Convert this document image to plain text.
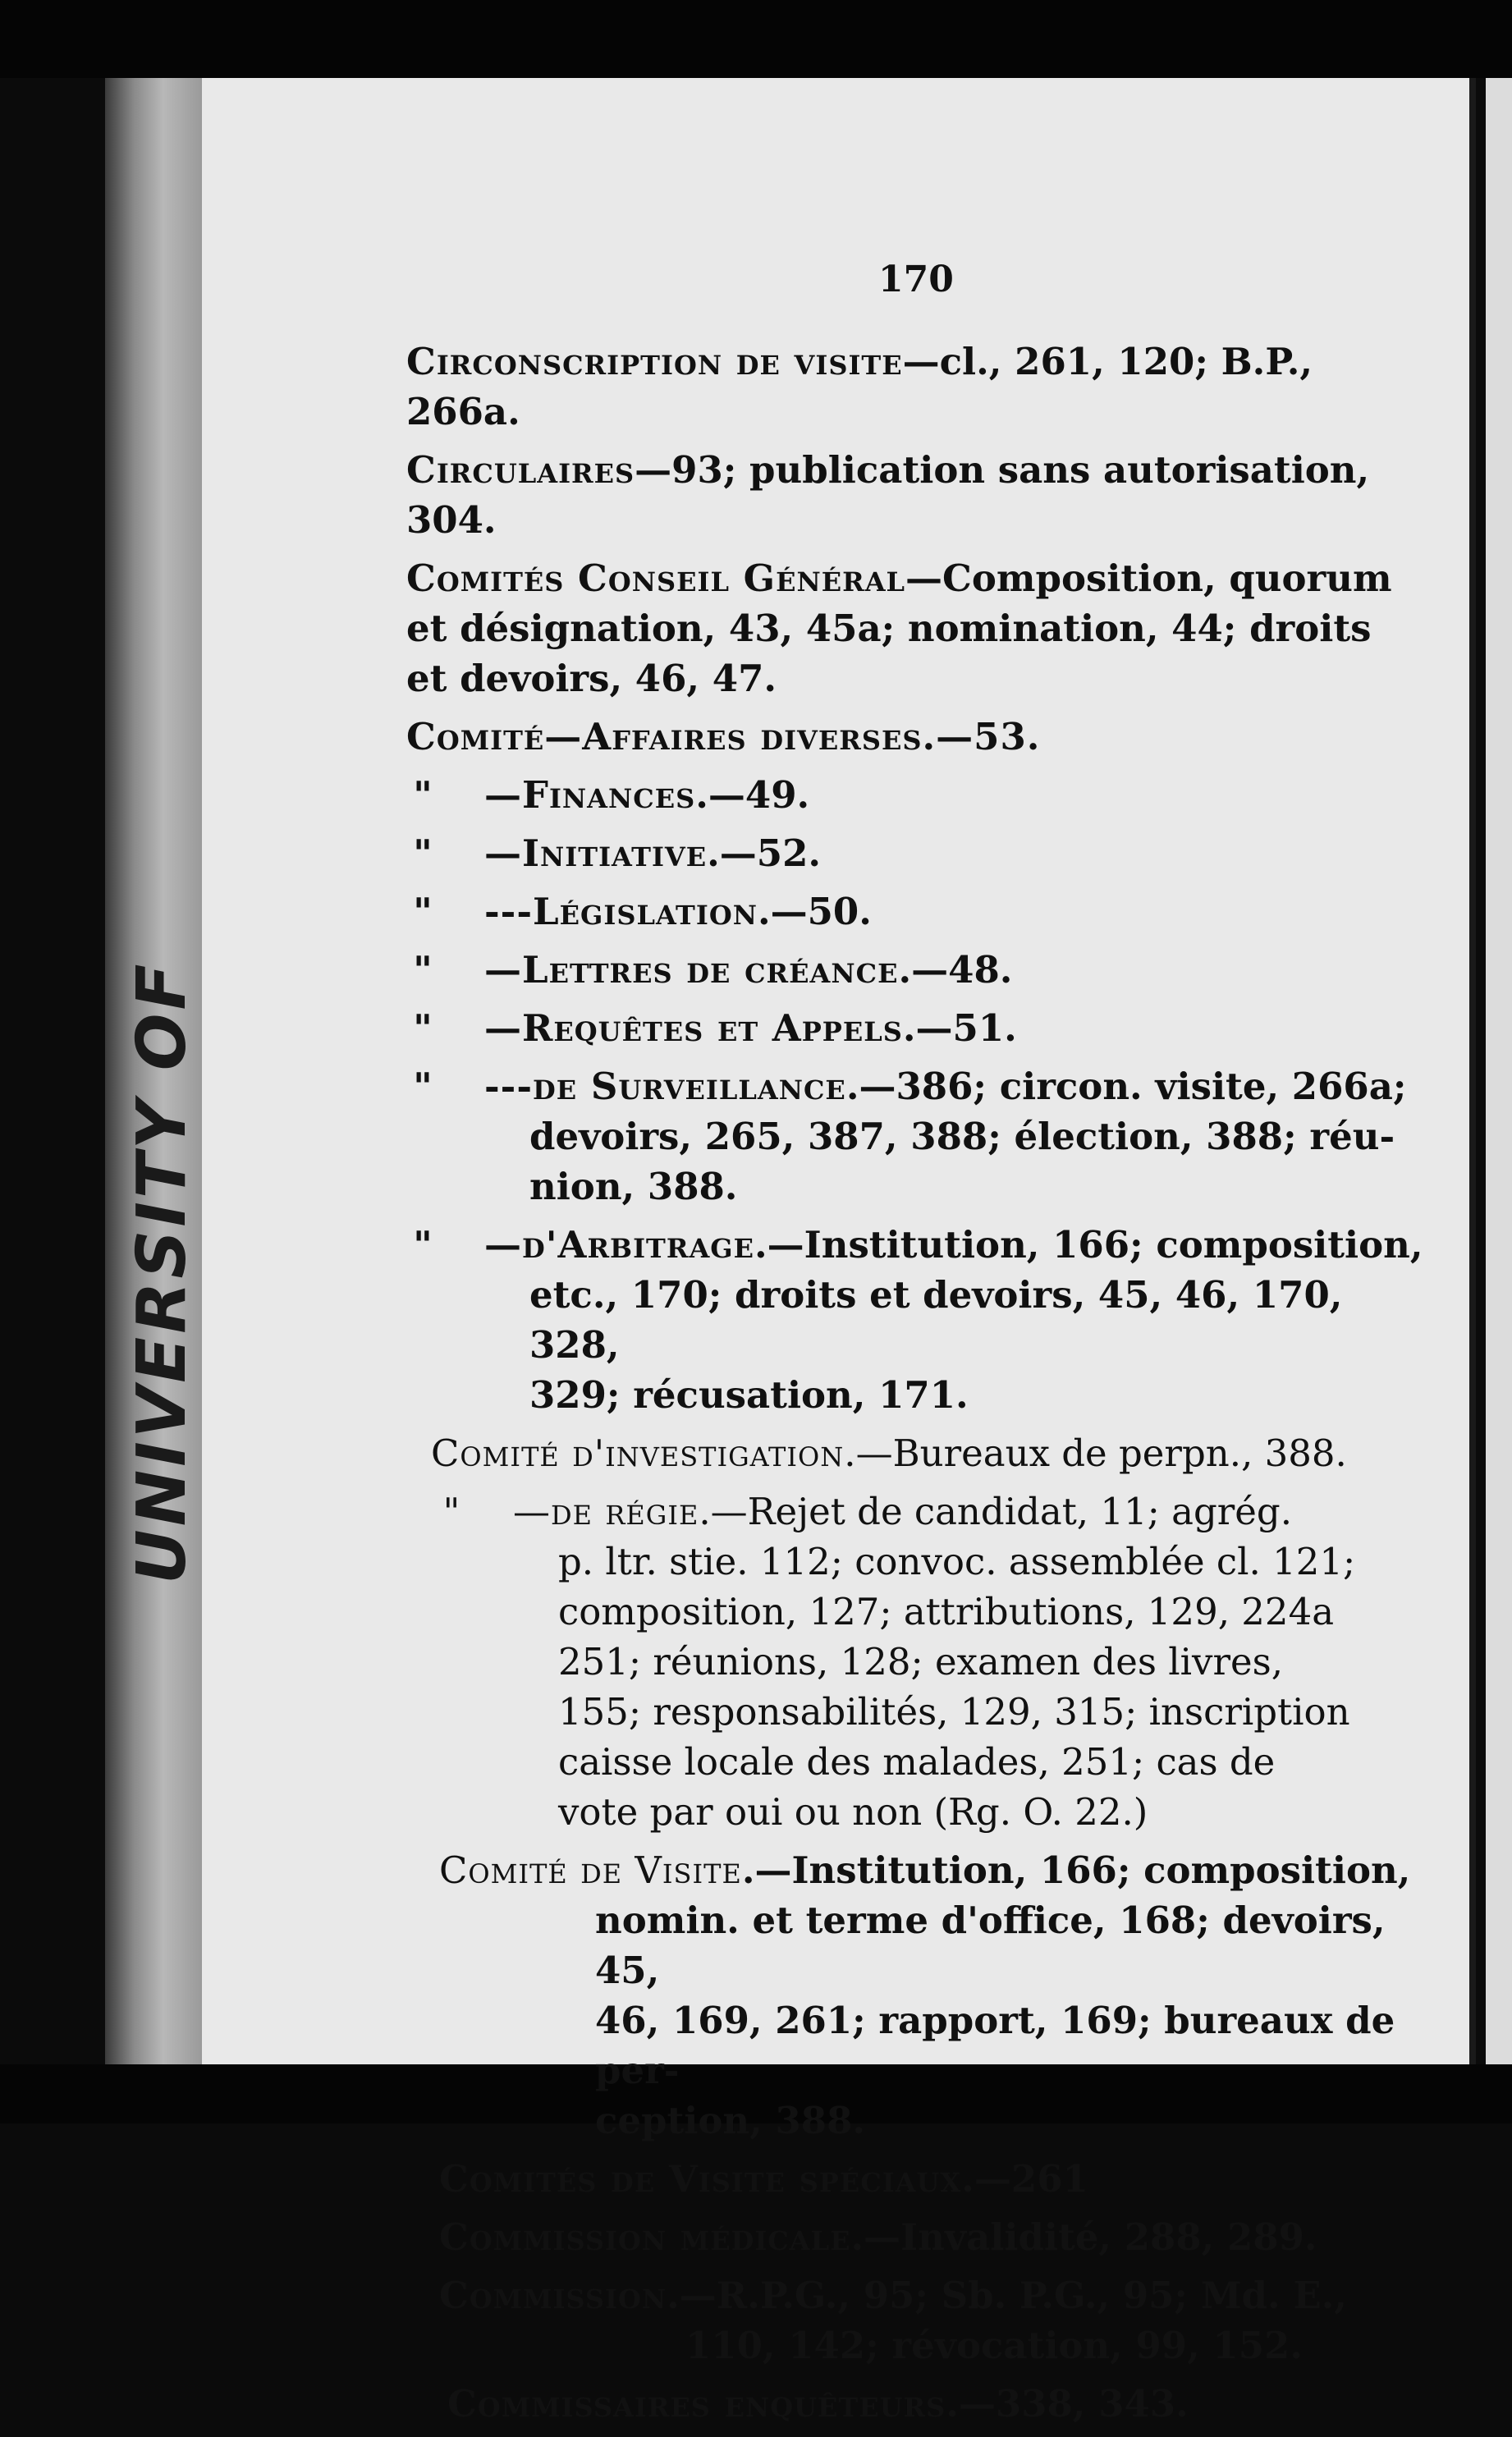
UNIVERSITY OF
170

Circonscription de visite—cl., 261, 120; B.P.,

266a.

Circulaires—93; publication sans autorisation, 304.

Comités Conseil Général—Composition, quorum

et désignation, 43, 45a; nomination, 44; droits

et devoirs, 46, 47.

Comité—Affaires diverses.—53.

" —Finances.—49.

" —Initiative.—52.

" ---Législation.—50.

" —Lettres de créance.—48.

" —Requêtes et Appels.—51.

" ---de Surveillance.—386; circon. visite, 266a;

devoirs, 265, 387, 388; élection, 388; réu-

nion, 388.

" —d'Arbitrage.—Institution, 166; composition,

etc., 170; droits et devoirs, 45, 46, 170, 328,

329; récusation, 171.

Comité d'investigation.—Bureaux de perpn., 388.

" —de régie.—Rejet de candidat, 11; agrég.

p. ltr. stie. 112; convoc. assemblée cl. 121;

composition, 127; attributions, 129, 224a

251; réunions, 128; examen des livres,

155; responsabilités, 129, 315; inscription

caisse locale des malades, 251; cas de

vote par oui ou non (Rg. O. 22.)

Comité de Visite.—Institution, 166; composition,

nomin. et terme d'office, 168; devoirs, 45,

46, 169, 261; rapport, 169; bureaux de per-

ception, 388.

Comités de Visite spéciaux.—261

Commission médicale.—Invalidité, 288, 289.

Commission.—R.P.G., 95; Sb. P.G., 95; Md. E.,

110, 142; révocation, 99, 152.

Commissaires enquêteurs.—338, 343.
